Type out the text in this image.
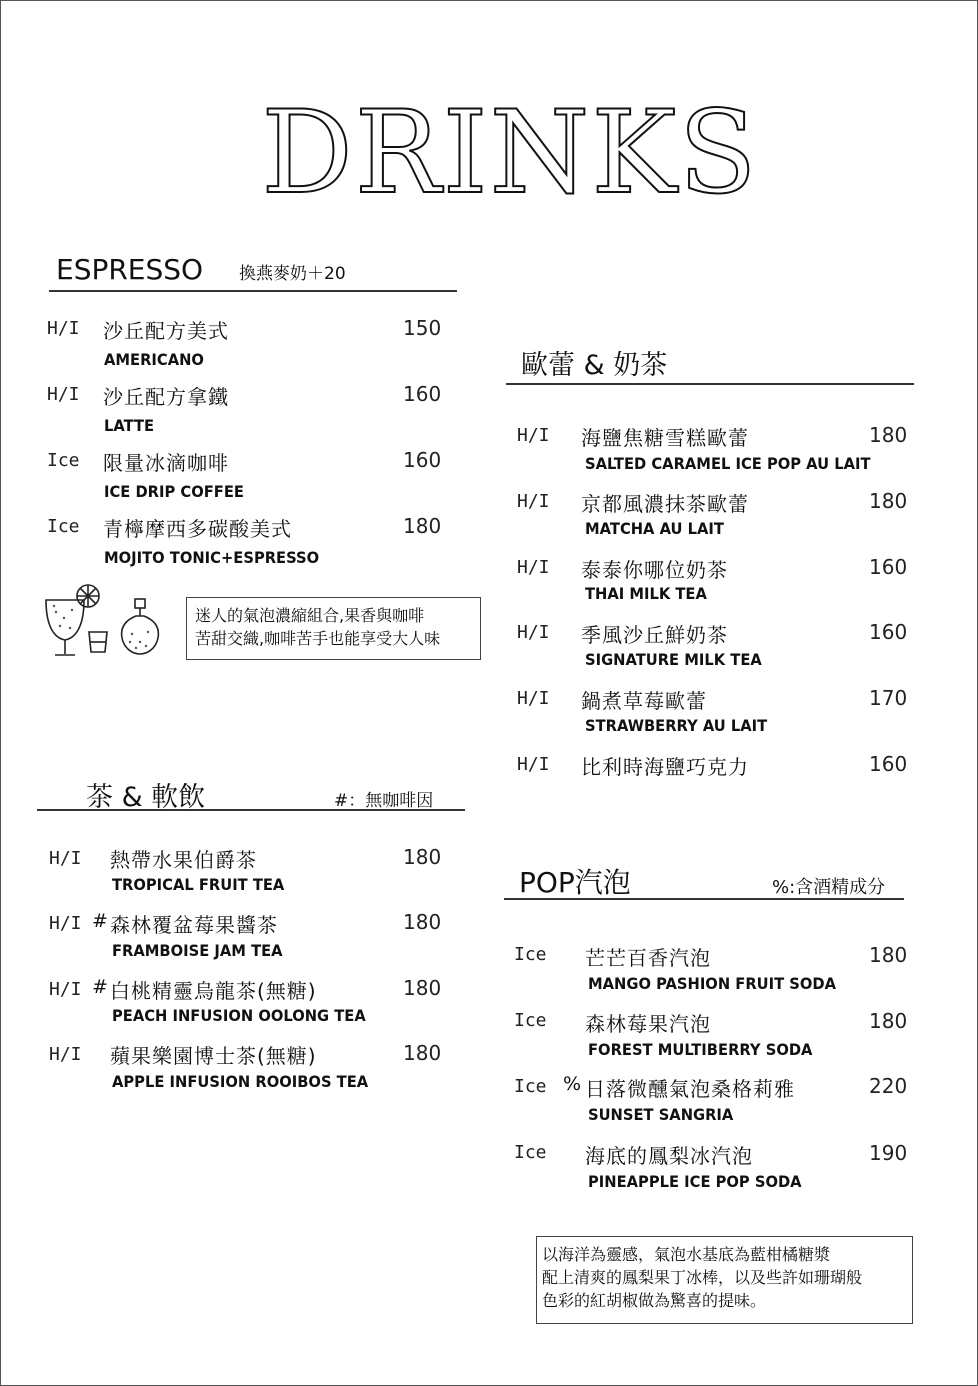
DRINKS
ESPRESSO 換燕麥奶＋20
H/I 沙丘配方美式	150
AMERICANO
H/I 沙丘配方拿鐵	160
LATTE
Ice 限量冰滴咖啡	160
ICE DRIP COFFEE
Ice 青檸摩西多碳酸美式	180
MOJITO TONIC+ESPRESSO
迷人的氣泡濃縮組合,果香與咖啡
苦甜交織,咖啡苦手也能享受大人味
茶 & 軟飲	#：無咖啡因
H/I 熱帶水果伯爵茶	180
TROPICAL FRUIT TEA
H/I # 森林覆盆莓果醬茶	180
FRAMBOISE JAM TEA
H/I # 白桃精靈烏龍茶(無糖)	180
PEACH INFUSION OOLONG TEA
H/I 蘋果樂園博士茶(無糖)	180
APPLE INFUSION ROOIBOS TEA
歐蕾 & 奶茶
H/I 海鹽焦糖雪糕歐蕾	180
SALTED CARAMEL ICE POP AU LAIT
H/I 京都風濃抹茶歐蕾	180
MATCHA AU LAIT
H/I 泰泰你哪位奶茶	160
THAI MILK TEA
H/I 季風沙丘鮮奶茶	160
SIGNATURE MILK TEA
H/I 鍋煮草莓歐蕾	170
STRAWBERRY AU LAIT
H/I 比利時海鹽巧克力	160
POP汽泡	%:含酒精成分
Ice 芒芒百香汽泡	180
MANGO PASHION FRUIT SODA
Ice 森林莓果汽泡	180
FOREST MULTIBERRY SODA
Ice % 日落微醺氣泡桑格莉雅	220
SUNSET SANGRIA
Ice 海底的鳳梨冰汽泡	190
PINEAPPLE ICE POP SODA
以海洋為靈感，氣泡水基底為藍柑橘糖漿
配上清爽的鳳梨果丁冰棒，以及些許如珊瑚般
色彩的紅胡椒做為驚喜的提味。
